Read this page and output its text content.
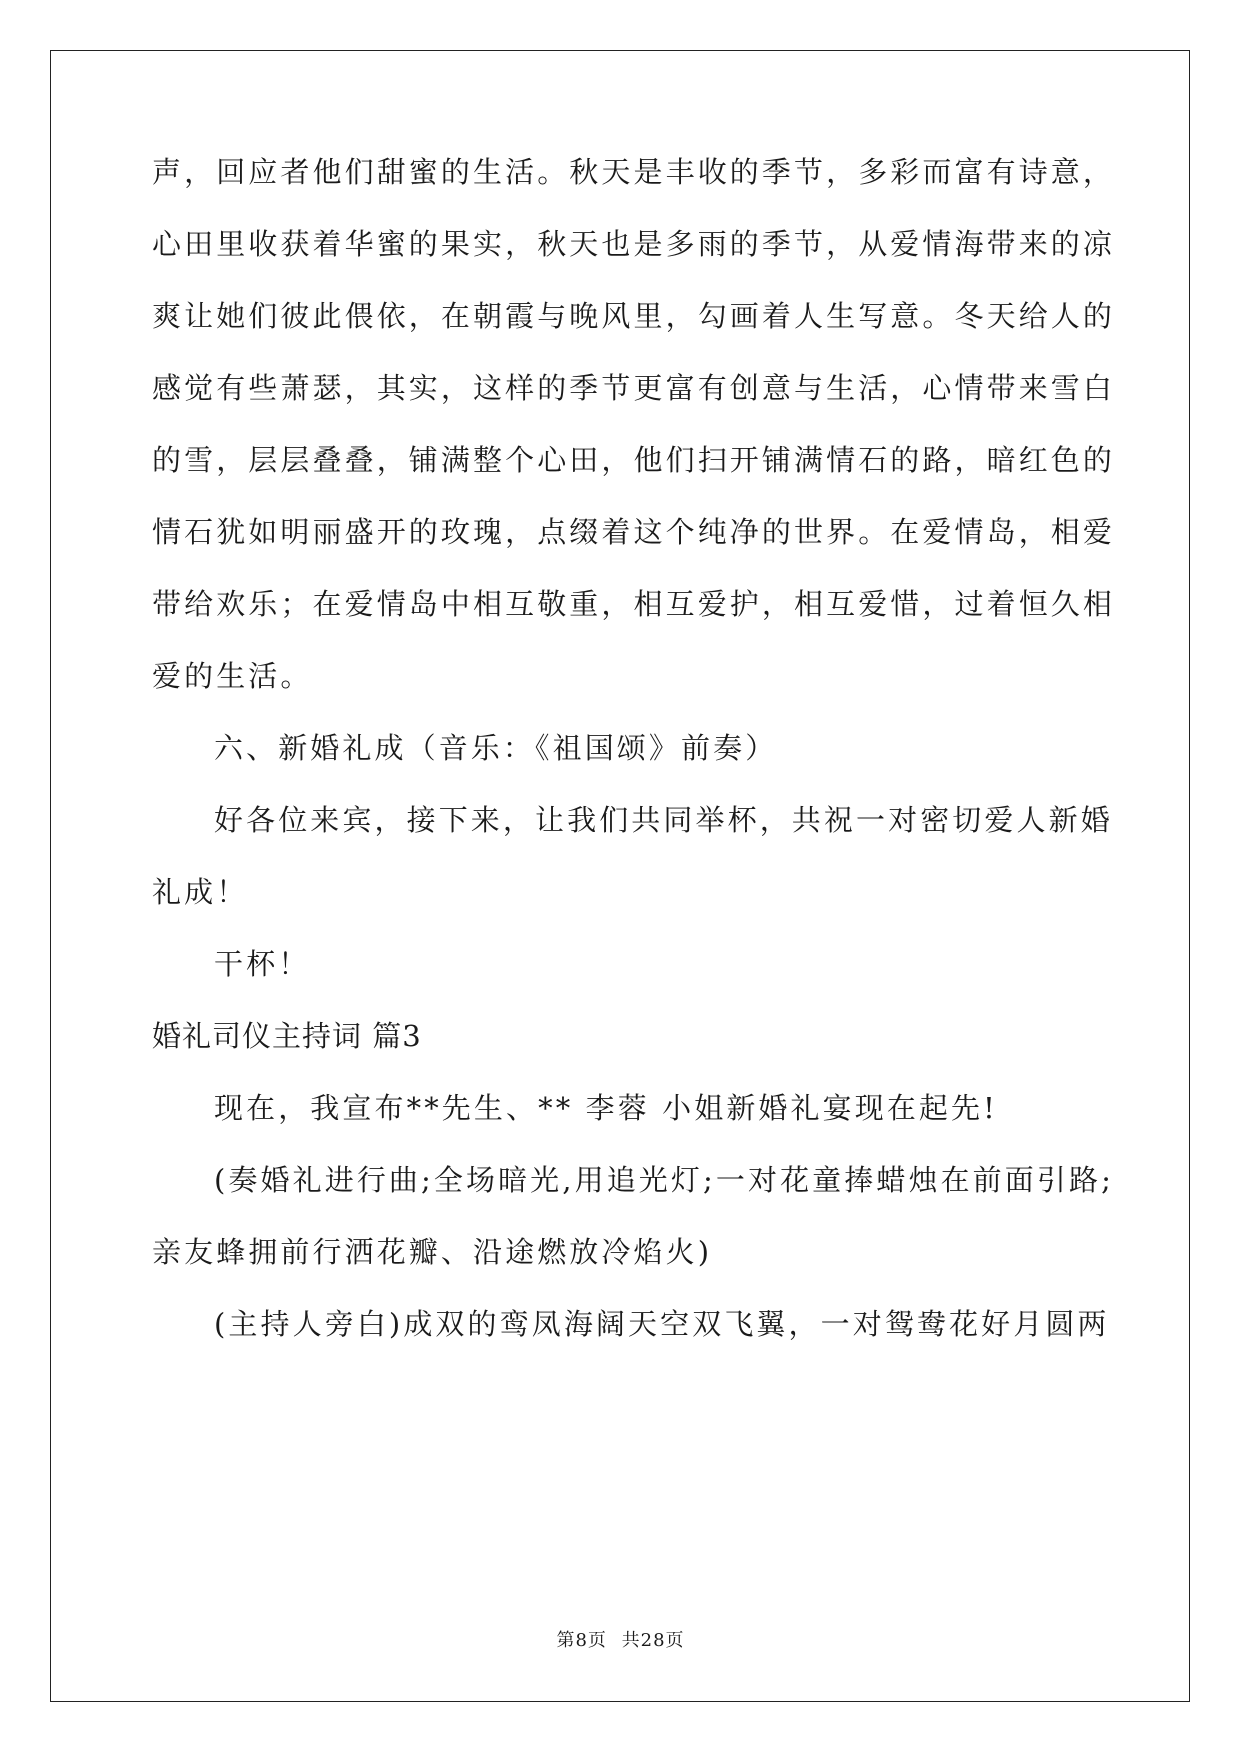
声，回应者他们甜蜜的生活。秋天是丰收的季节，多彩而富有诗意，
心田里收获着华蜜的果实，秋天也是多雨的季节，从爱情海带来的凉
爽让她们彼此偎依，在朝霞与晚风里，勾画着人生写意。冬天给人的
感觉有些萧瑟，其实，这样的季节更富有创意与生活，心情带来雪白
的雪，层层叠叠，铺满整个心田，他们扫开铺满情石的路，暗红色的
情石犹如明丽盛开的玫瑰，点缀着这个纯净的世界。在爱情岛，相爱
带给欢乐；在爱情岛中相互敬重，相互爱护，相互爱惜，过着恒久相
爱的生活。
六、新婚礼成（音乐：《祖国颂》前奏）
好各位来宾，接下来，让我们共同举杯，共祝一对密切爱人新婚
礼成！
干杯！
婚礼司仪主持词 篇3
现在，我宣布**先生、** 李蓉 小姐新婚礼宴现在起先!
(奏婚礼进行曲;全场暗光,用追光灯;一对花童捧蜡烛在前面引路;
亲友蜂拥前行洒花瓣、沿途燃放冷焰火)
(主持人旁白)成双的鸾凤海阔天空双飞翼，一对鸳鸯花好月圆两
第8页 共28页
